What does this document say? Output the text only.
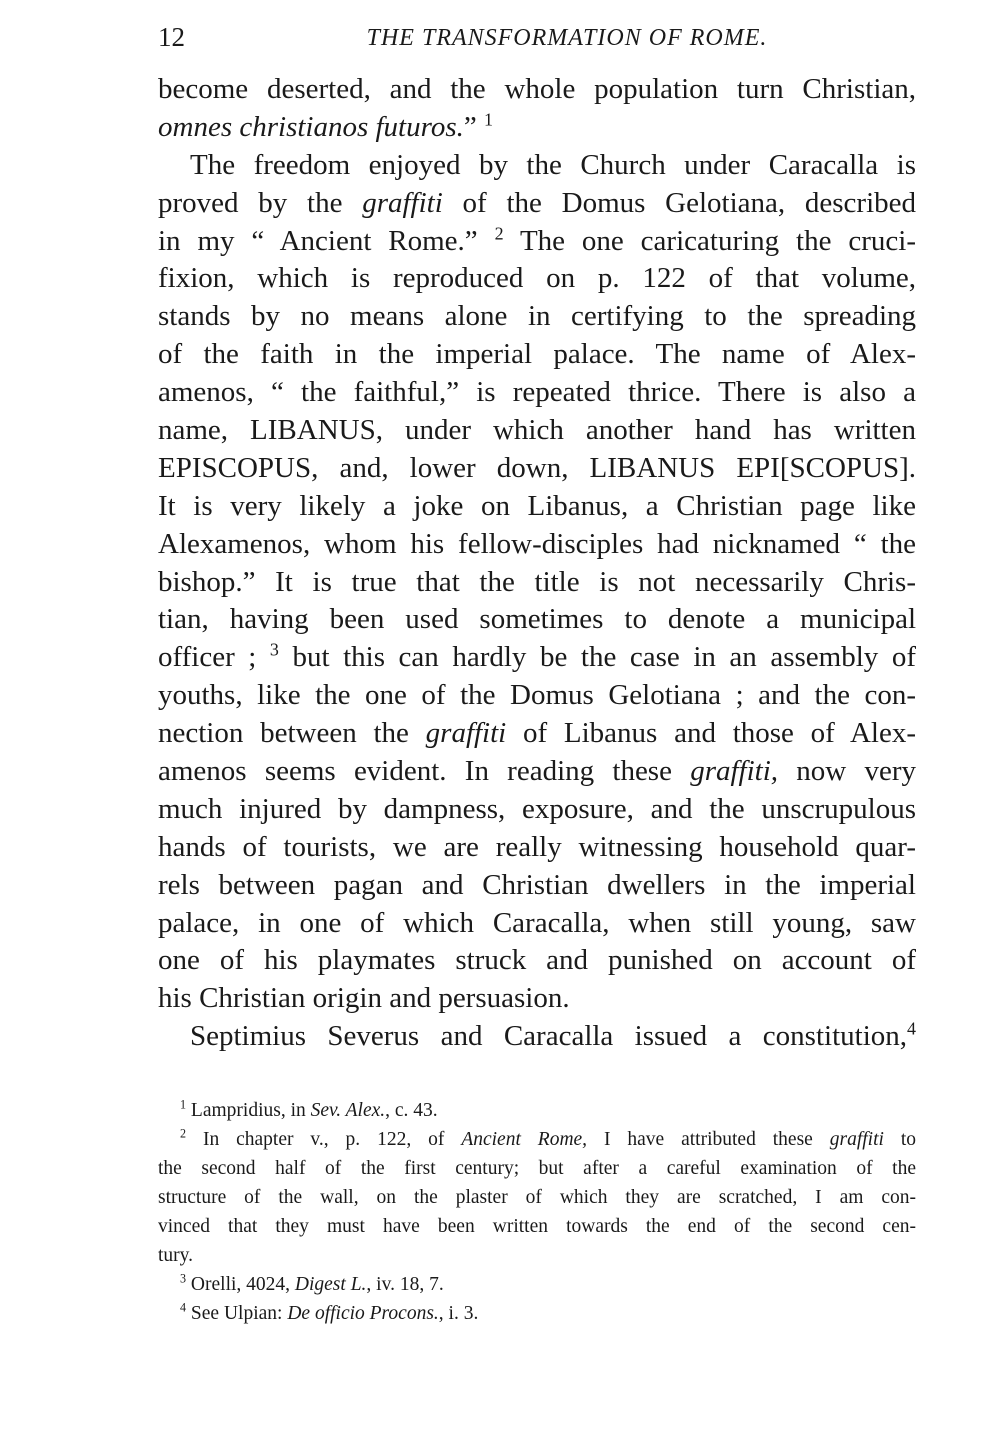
12	THE TRANSFORMATION OF ROME.
become deserted, and the whole population turn Christian,
omnes christianos futuros.” $^1$
The freedom enjoyed by the Church under Caracalla is
proved by the graffiti of the Domus Gelotiana, described
in my “ Ancient Rome.” $^2$ The one caricaturing the cruci-
fixion, which is reproduced on p. 122 of that volume,
stands by no means alone in certifying to the spreading
of the faith in the imperial palace. The name of Alex-
amenos, “ the faithful,” is repeated thrice. There is also a
name, LIBANUS, under which another hand has written
EPISCOPUS, and, lower down, LIBANUS EPI[SCOPUS].
It is very likely a joke on Libanus, a Christian page like
Alexamenos, whom his fellow-disciples had nicknamed “ the
bishop.” It is true that the title is not necessarily Chris-
tian, having been used sometimes to denote a municipal
officer ; $^3$ but this can hardly be the case in an assembly of
youths, like the one of the Domus Gelotiana ; and the con-
nection between the graffiti of Libanus and those of Alex-
amenos seems evident. In reading these graffiti, now very
much injured by dampness, exposure, and the unscrupulous
hands of tourists, we are really witnessing household quar-
rels between pagan and Christian dwellers in the imperial
palace, in one of which Caracalla, when still young, saw
one of his playmates struck and punished on account of
his Christian origin and persuasion.
Septimius Severus and Caracalla issued a constitution,$^4$
$^1$ Lampridius, in Sev. Alex., c. 43.
$^2$ In chapter v., p. 122, of Ancient Rome, I have attributed these graffiti to
the second half of the first century; but after a careful examination of the
structure of the wall, on the plaster of which they are scratched, I am con-
vinced that they must have been written towards the end of the second cen-
tury.
$^3$ Orelli, 4024, Digest L., iv. 18, 7.
$^4$ See Ulpian: De officio Procons., i. 3.
